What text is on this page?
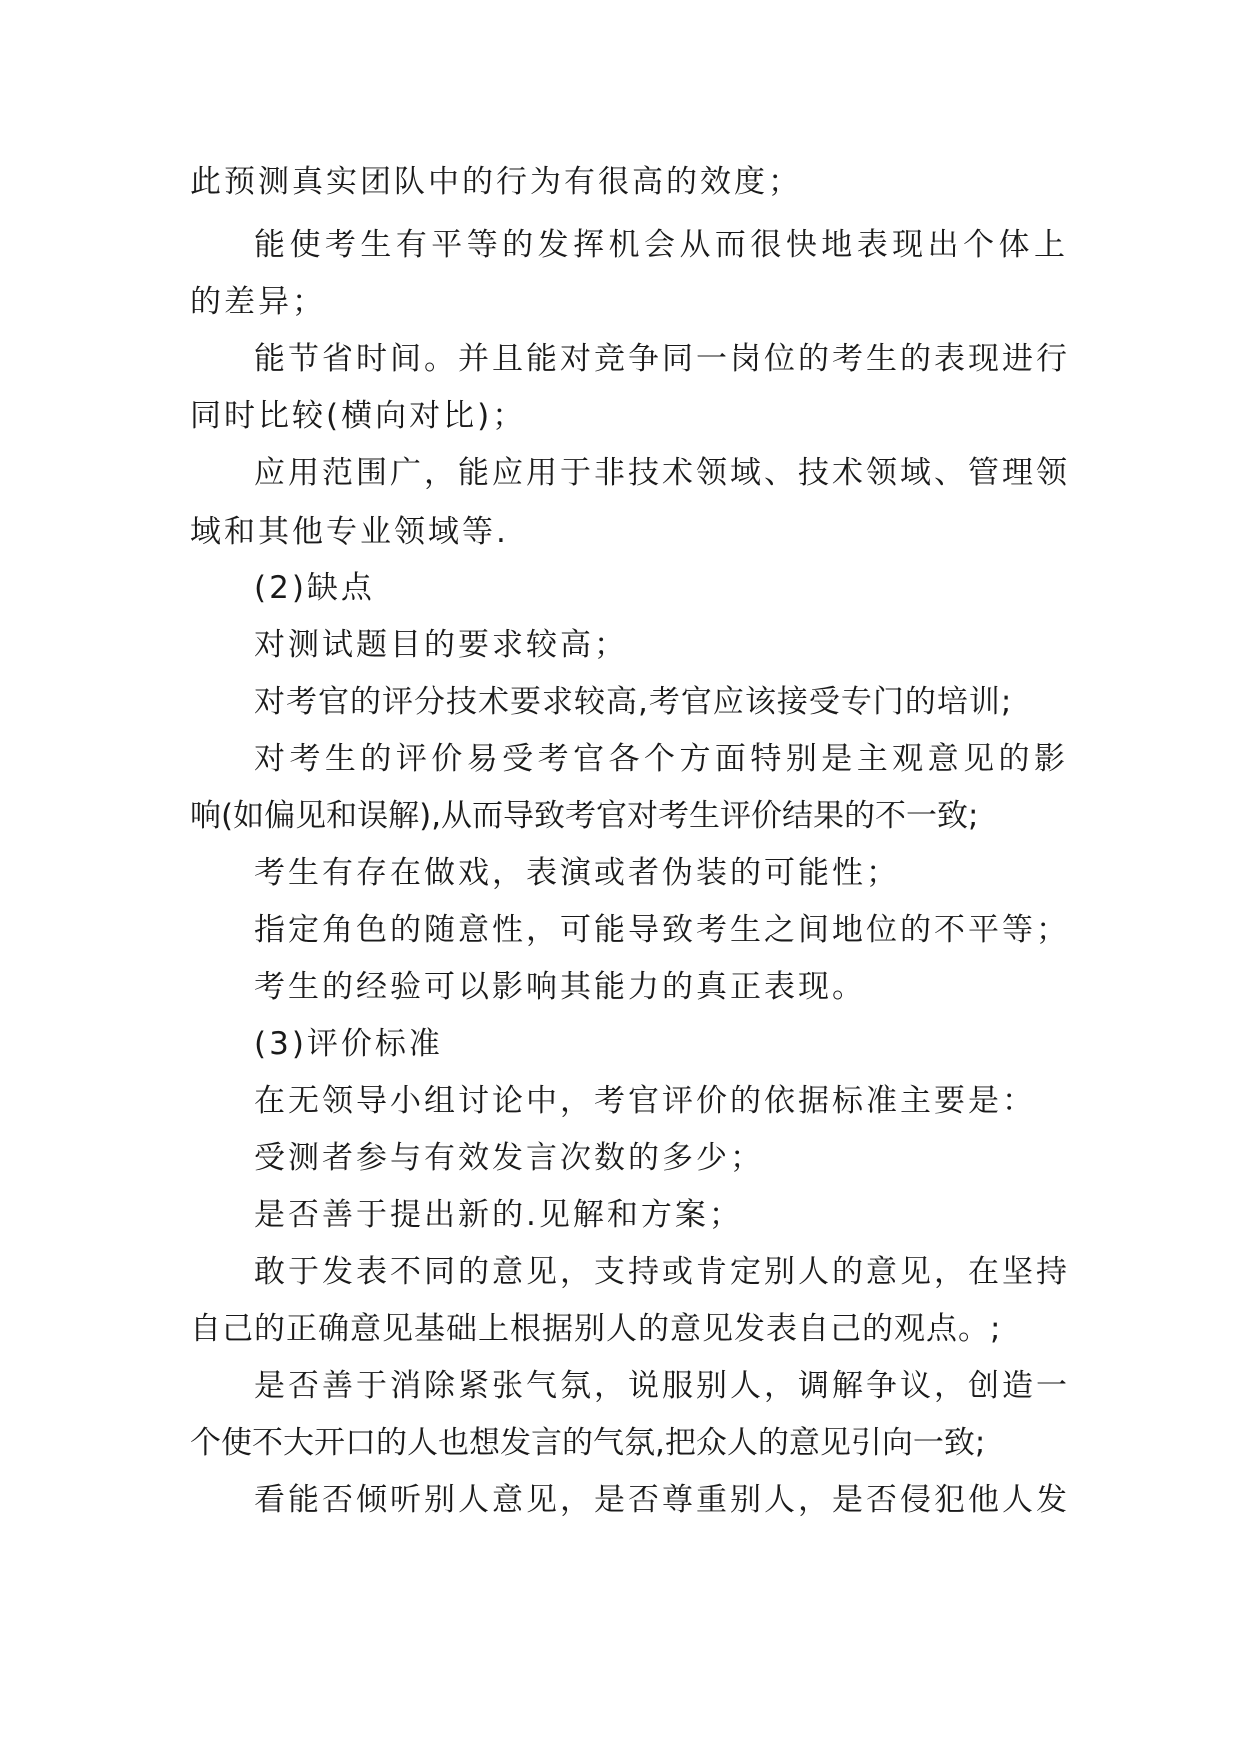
此预测真实团队中的行为有很高的效度；
能使考生有平等的发挥机会从而很快地表现出个体上
的差异；
能节省时间。并且能对竞争同一岗位的考生的表现进行
同时比较(横向对比)；
应用范围广，能应用于非技术领域、技术领域、管理领
域和其他专业领域等.
(2)缺点
对测试题目的要求较高；
对考官的评分技术要求较高,考官应该接受专门的培训;
对考生的评价易受考官各个方面特别是主观意见的影
响(如偏见和误解),从而导致考官对考生评价结果的不一致;
考生有存在做戏，表演或者伪装的可能性；
指定角色的随意性，可能导致考生之间地位的不平等；
考生的经验可以影响其能力的真正表现。
(3)评价标准
在无领导小组讨论中，考官评价的依据标准主要是：
受测者参与有效发言次数的多少；
是否善于提出新的.见解和方案；
敢于发表不同的意见，支持或肯定别人的意见，在坚持
自己的正确意见基础上根据别人的意见发表自己的观点。;
是否善于消除紧张气氛，说服别人，调解争议，创造一
个使不大开口的人也想发言的气氛,把众人的意见引向一致;
看能否倾听别人意见，是否尊重别人，是否侵犯他人发
